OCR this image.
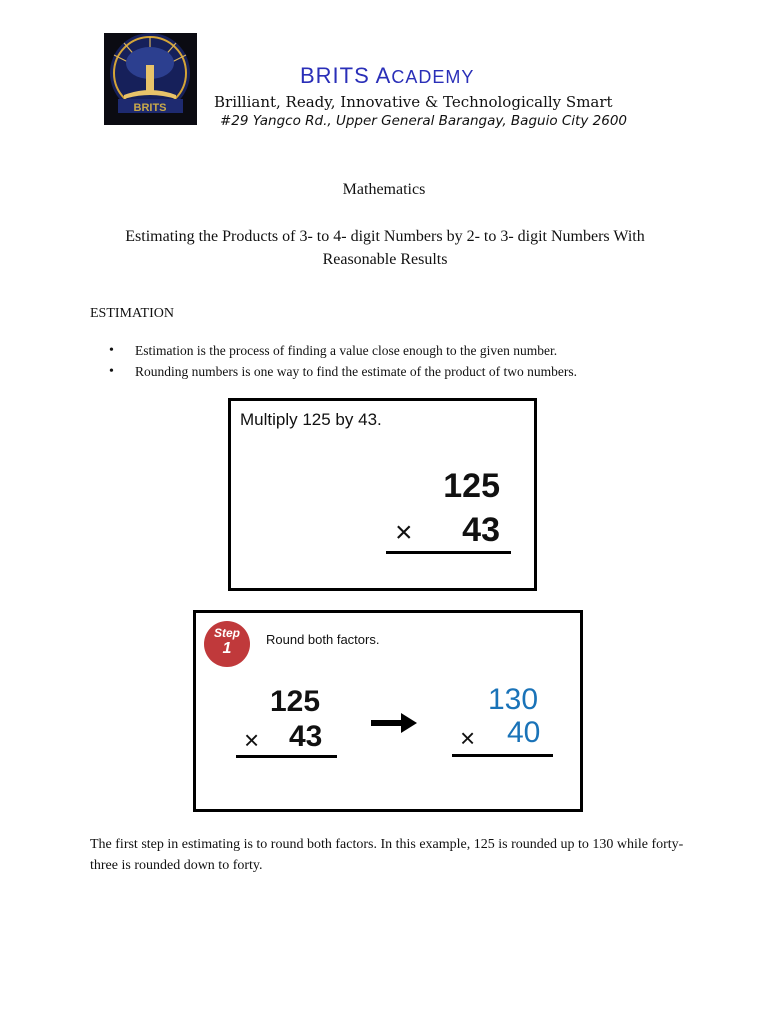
BRITS
BRITS ACADEMY
Brilliant, Ready, Innovative & Technologically Smart
#29 Yangco Rd., Upper General Barangay, Baguio City 2600
Mathematics
Estimating the Products of 3- to 4- digit Numbers by 2- to 3- digit Numbers With Reasonable Results
ESTIMATION
• Estimation is the process of finding a value close enough to the given number.
• Rounding numbers is one way to find the estimate of the product of two numbers.
Multiply 125 by 43.
125
× 43
Step
1
Round both factors.
125
× 43
130
× 40
The first step in estimating is to round both factors. In this example, 125 is rounded up to 130 while forty-three is rounded down to forty.
